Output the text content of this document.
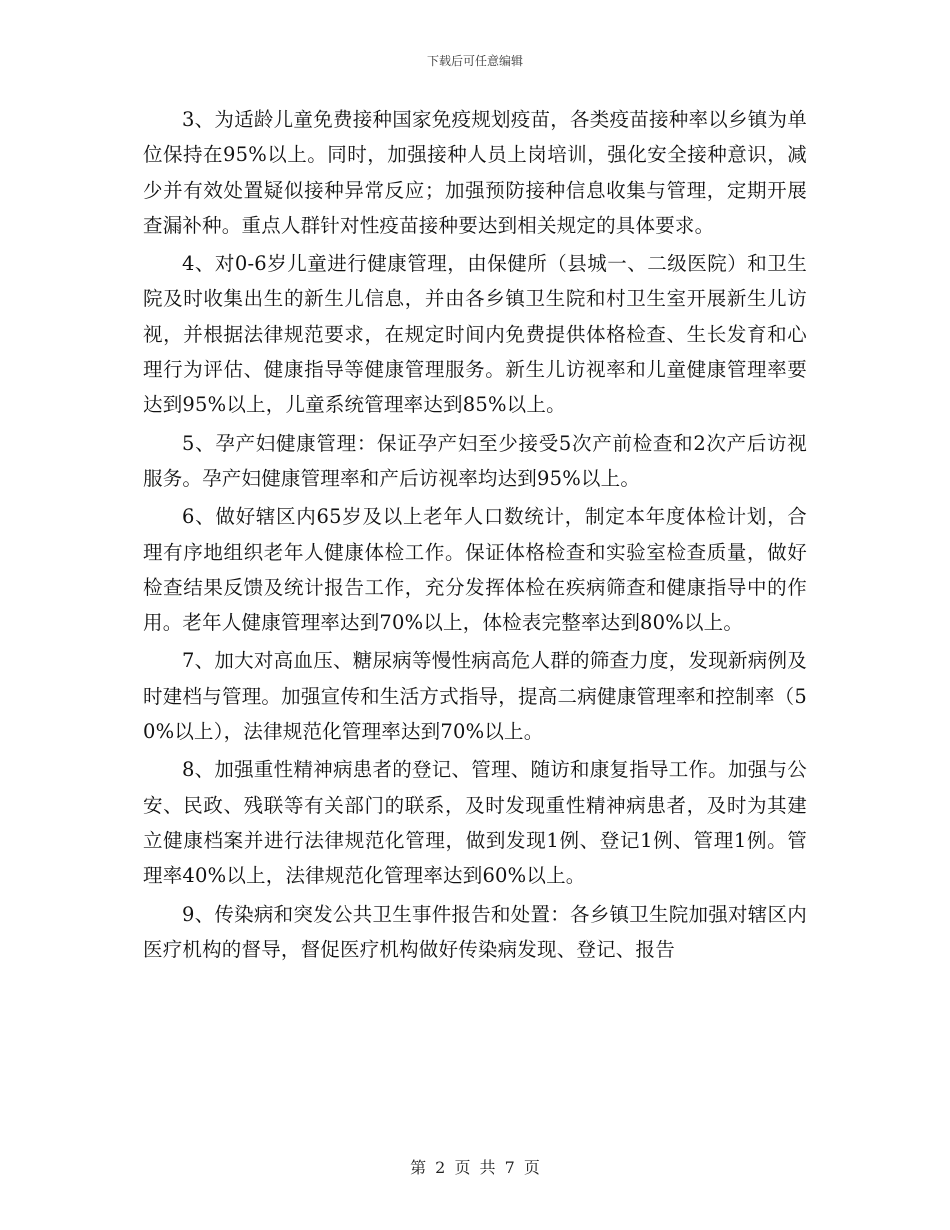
下载后可任意编辑

3、为适龄儿童免费接种国家免疫规划疫苗，各类疫苗接种率以乡镇为单位保持在95%以上。同时，加强接种人员上岗培训，强化安全接种意识，减少并有效处置疑似接种异常反应；加强预防接种信息收集与管理，定期开展查漏补种。重点人群针对性疫苗接种要达到相关规定的具体要求。

4、对0-6岁儿童进行健康管理，由保健所（县城一、二级医院）和卫生院及时收集出生的新生儿信息，并由各乡镇卫生院和村卫生室开展新生儿访视，并根据法律规范要求，在规定时间内免费提供体格检查、生长发育和心理行为评估、健康指导等健康管理服务。新生儿访视率和儿童健康管理率要达到95%以上，儿童系统管理率达到85%以上。

5、孕产妇健康管理：保证孕产妇至少接受5次产前检查和2次产后访视服务。孕产妇健康管理率和产后访视率均达到95%以上。

6、做好辖区内65岁及以上老年人口数统计，制定本年度体检计划，合理有序地组织老年人健康体检工作。保证体格检查和实验室检查质量，做好检查结果反馈及统计报告工作，充分发挥体检在疾病筛查和健康指导中的作用。老年人健康管理率达到70%以上，体检表完整率达到80%以上。

7、加大对高血压、糖尿病等慢性病高危人群的筛查力度，发现新病例及时建档与管理。加强宣传和生活方式指导，提高二病健康管理率和控制率（50%以上），法律规范化管理率达到70%以上。

8、加强重性精神病患者的登记、管理、随访和康复指导工作。加强与公安、民政、残联等有关部门的联系，及时发现重性精神病患者，及时为其建立健康档案并进行法律规范化管理，做到发现1例、登记1例、管理1例。管理率40%以上，法律规范化管理率达到60%以上。

9、传染病和突发公共卫生事件报告和处置：各乡镇卫生院加强对辖区内医疗机构的督导，督促医疗机构做好传染病发现、登记、报告

第 2 页 共 7 页
